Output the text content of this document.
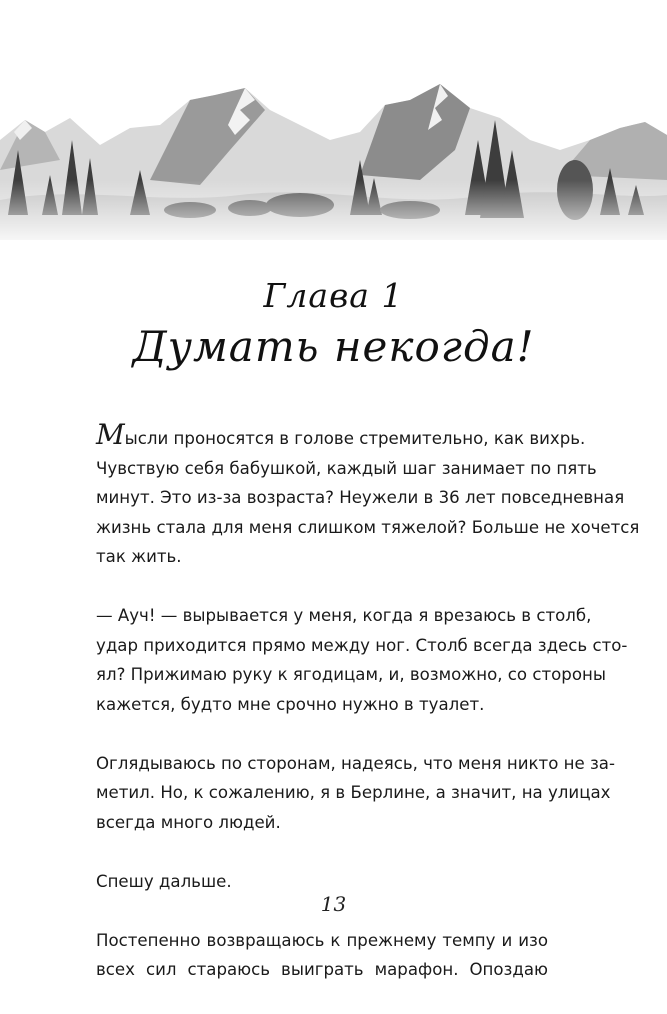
Глава 1
Думать некогда!

Мысли проносятся в голове стремительно, как вихрь.
Чувствую себя бабушкой, каждый шаг занимает по пять
минут. Это из-за возраста? Неужели в 36 лет повседневная
жизнь стала для меня слишком тяжелой? Больше не хочется
так жить.

— Ауч! — вырывается у меня, когда я врезаюсь в столб,
удар приходится прямо между ног. Столб всегда здесь сто-
ял? Прижимаю руку к ягодицам, и, возможно, со стороны
кажется, будто мне срочно нужно в туалет.

Оглядываюсь по сторонам, надеясь, что меня никто не за-
метил. Но, к сожалению, я в Берлине, а значит, на улицах
всегда много людей.

Спешу дальше.

Постепенно возвращаюсь к прежнему темпу и изо
всех сил стараюсь выиграть марафон. Опоздаю

13
